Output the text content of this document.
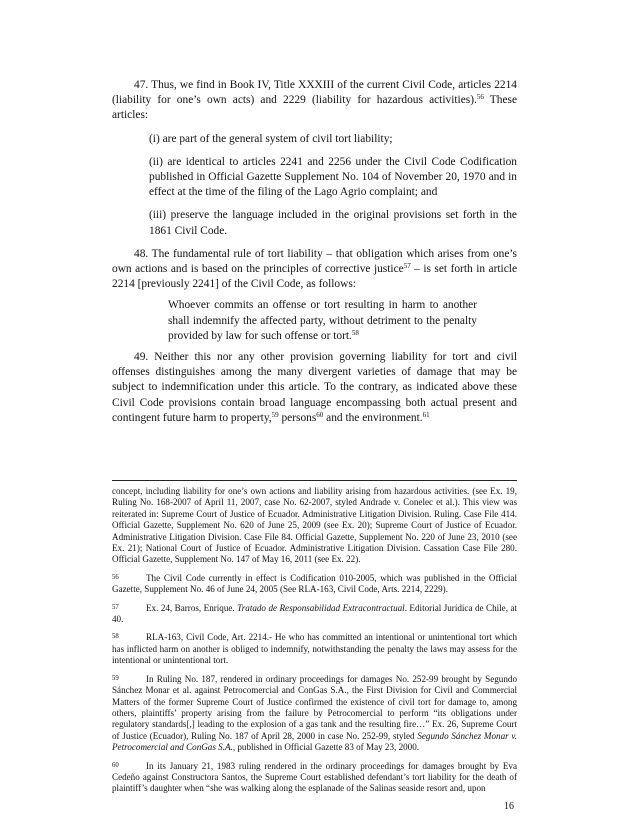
47. Thus, we find in Book IV, Title XXXIII of the current Civil Code, articles 2214 (liability for one’s own acts) and 2229 (liability for hazardous activities).$^{56}$ These articles:

(i) are part of the general system of civil tort liability;

(ii) are identical to articles 2241 and 2256 under the Civil Code Codification published in Official Gazette Supplement No. 104 of November 20, 1970 and in effect at the time of the filing of the Lago Agrio complaint; and

(iii) preserve the language included in the original provisions set forth in the 1861 Civil Code.

48. The fundamental rule of tort liability – that obligation which arises from one’s own actions and is based on the principles of corrective justice$^{57}$ – is set forth in article 2214 [previously 2241] of the Civil Code, as follows:

Whoever commits an offense or tort resulting in harm to another shall indemnify the affected party, without detriment to the penalty provided by law for such offense or tort.$^{58}$

49. Neither this nor any other provision governing liability for tort and civil offenses distinguishes among the many divergent varieties of damage that may be subject to indemnification under this article. To the contrary, as indicated above these Civil Code provisions contain broad language encompassing both actual present and contingent future harm to property,$^{59}$ persons$^{60}$ and the environment.$^{61}$

concept, including liability for one’s own actions and liability arising from hazardous activities. (see Ex. 19, Ruling No. 168-2007 of April 11, 2007, case No. 62-2007, styled Andrade v. Conelec et al.). This view was reiterated in: Supreme Court of Justice of Ecuador. Administrative Litigation Division. Ruling. Case File 414. Official Gazette, Supplement No. 620 of June 25, 2009 (see Ex. 20); Supreme Court of Justice of Ecuador. Administrative Litigation Division. Case File 84. Official Gazette, Supplement No. 220 of June 23, 2010 (see Ex. 21); National Court of Justice of Ecuador. Administrative Litigation Division. Cassation Case File 280. Official Gazette, Supplement No. 147 of May 16, 2011 (see Ex. 22).

56	The Civil Code currently in effect is Codification 010-2005, which was published in the Official Gazette, Supplement No. 46 of June 24, 2005 (See RLA-163, Civil Code, Arts. 2214, 2229).

57	Ex. 24, Barros, Enrique. Tratado de Responsabilidad Extracontractual. Editorial Jurídica de Chile, at 40.

58	RLA-163, Civil Code, Art. 2214.- He who has committed an intentional or unintentional tort which has inflicted harm on another is obliged to indemnify, notwithstanding the penalty the laws may assess for the intentional or unintentional tort.

59	In Ruling No. 187, rendered in ordinary proceedings for damages No. 252-99 brought by Segundo Sánchez Monar et al. against Petrocomercial and ConGas S.A., the First Division for Civil and Commercial Matters of the former Supreme Court of Justice confirmed the existence of civil tort for damage to, among others, plaintiffs’ property arising from the failure by Petrocomercial to perform “its obligations under regulatory standards[,] leading to the explosion of a gas tank and the resulting fire…” Ex. 26, Supreme Court of Justice (Ecuador), Ruling No. 187 of April 28, 2000 in case No. 252-99, styled Segundo Sánchez Monar v. Petrocomercial and ConGas S.A., published in Official Gazette 83 of May 23, 2000.

60	In its January 21, 1983 ruling rendered in the ordinary proceedings for damages brought by Eva Cedeño against Constructora Santos, the Supreme Court established defendant’s tort liability for the death of plaintiff’s daughter when “she was walking along the esplanade of the Salinas seaside resort and, upon

16
